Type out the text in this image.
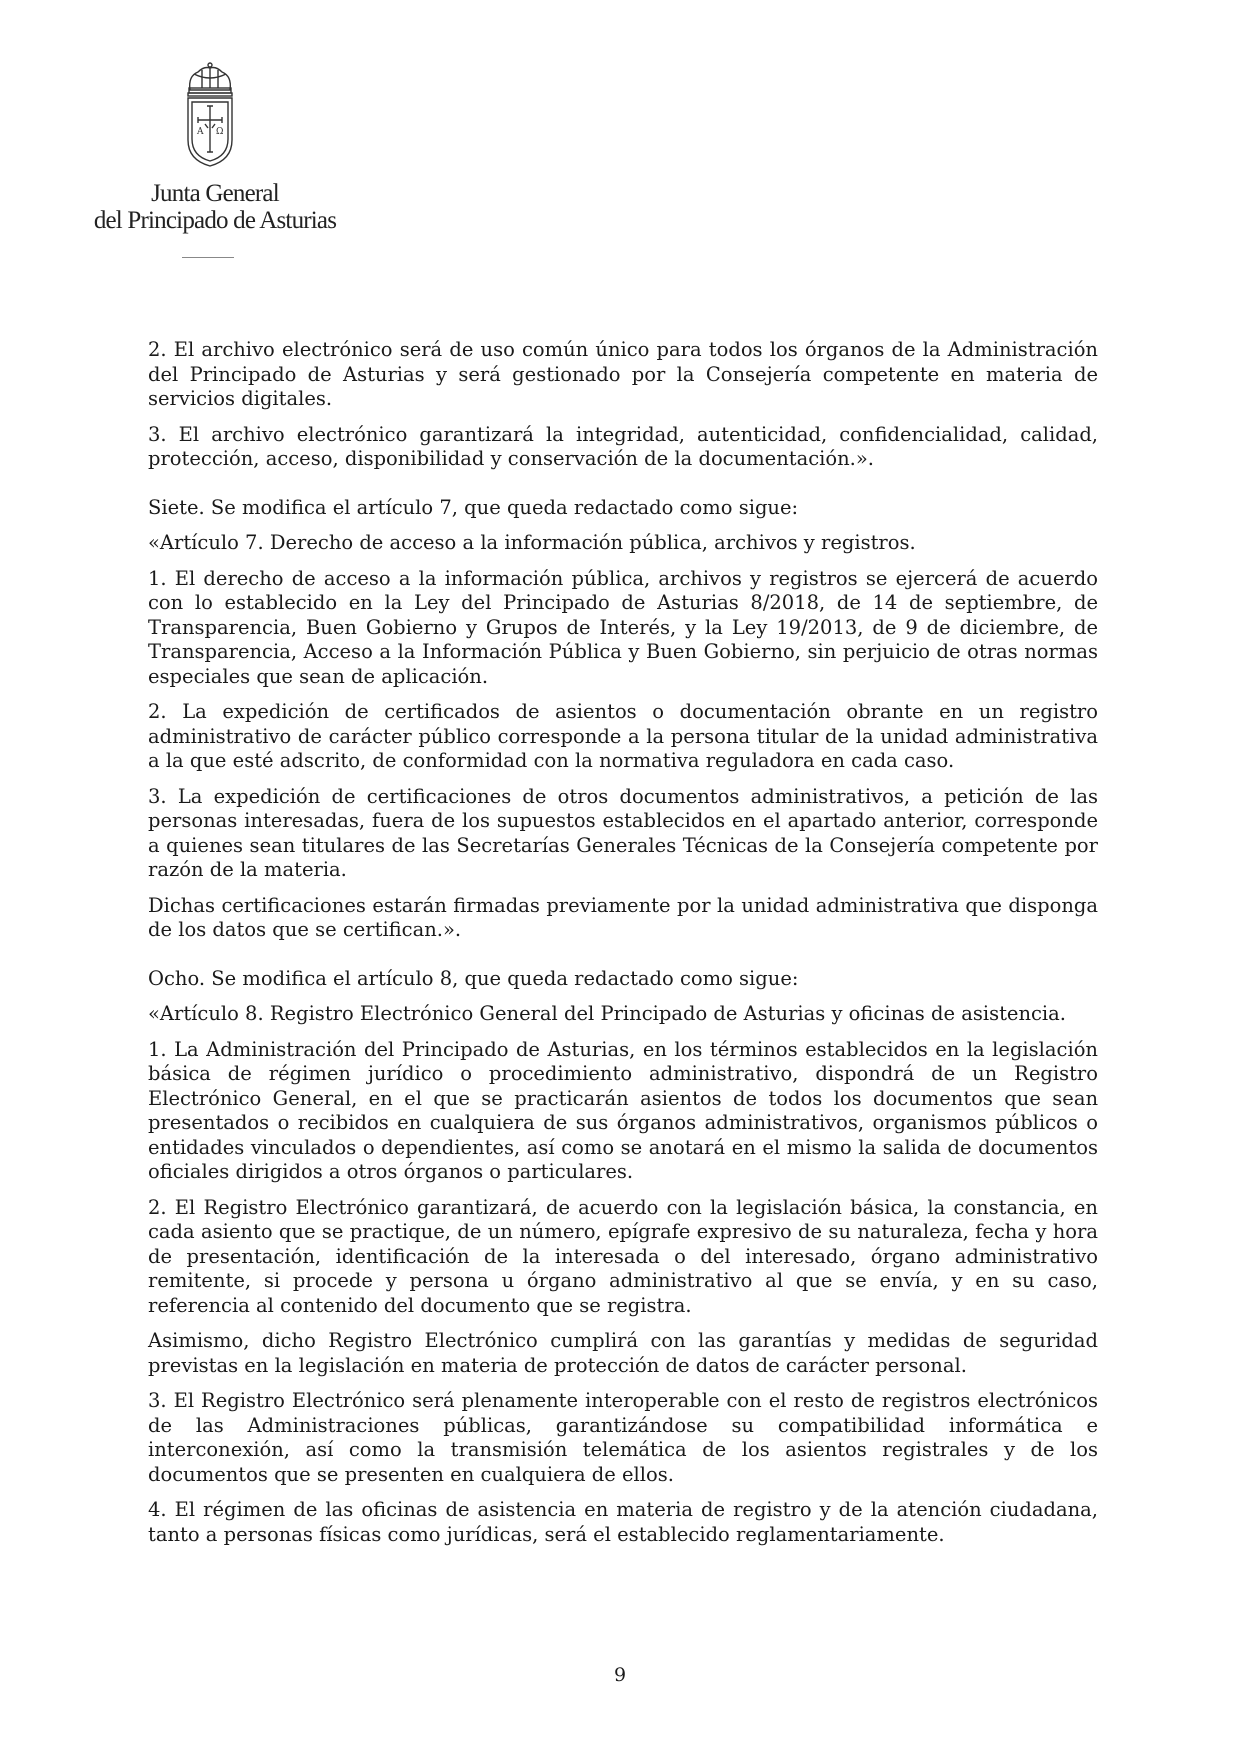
A Ω
Junta General
del Principado de Asturias

2. El archivo electrónico será de uso común único para todos los órganos de la Administración del Principado de Asturias y será gestionado por la Consejería competente en materia de servicios digitales.

3. El archivo electrónico garantizará la integridad, autenticidad, confidencialidad, calidad, protección, acceso, disponibilidad y conservación de la documentación.».

Siete. Se modifica el artículo 7, que queda redactado como sigue:

«Artículo 7. Derecho de acceso a la información pública, archivos y registros.

1. El derecho de acceso a la información pública, archivos y registros se ejercerá de acuerdo con lo establecido en la Ley del Principado de Asturias 8/2018, de 14 de septiembre, de Transparencia, Buen Gobierno y Grupos de Interés, y la Ley 19/2013, de 9 de diciembre, de Transparencia, Acceso a la Información Pública y Buen Gobierno, sin perjuicio de otras normas especiales que sean de aplicación.

2. La expedición de certificados de asientos o documentación obrante en un registro administrativo de carácter público corresponde a la persona titular de la unidad administrativa a la que esté adscrito, de conformidad con la normativa reguladora en cada caso.

3. La expedición de certificaciones de otros documentos administrativos, a petición de las personas interesadas, fuera de los supuestos establecidos en el apartado anterior, corresponde a quienes sean titulares de las Secretarías Generales Técnicas de la Consejería competente por razón de la materia.

Dichas certificaciones estarán firmadas previamente por la unidad administrativa que disponga de los datos que se certifican.».

Ocho. Se modifica el artículo 8, que queda redactado como sigue:

«Artículo 8. Registro Electrónico General del Principado de Asturias y oficinas de asistencia.

1. La Administración del Principado de Asturias, en los términos establecidos en la legislación básica de régimen jurídico o procedimiento administrativo, dispondrá de un Registro Electrónico General, en el que se practicarán asientos de todos los documentos que sean presentados o recibidos en cualquiera de sus órganos administrativos, organismos públicos o entidades vinculados o dependientes, así como se anotará en el mismo la salida de documentos oficiales dirigidos a otros órganos o particulares.

2. El Registro Electrónico garantizará, de acuerdo con la legislación básica, la constancia, en cada asiento que se practique, de un número, epígrafe expresivo de su naturaleza, fecha y hora de presentación, identificación de la interesada o del interesado, órgano administrativo remitente, si procede y persona u órgano administrativo al que se envía, y en su caso, referencia al contenido del documento que se registra.

Asimismo, dicho Registro Electrónico cumplirá con las garantías y medidas de seguridad previstas en la legislación en materia de protección de datos de carácter personal.

3. El Registro Electrónico será plenamente interoperable con el resto de registros electrónicos de las Administraciones públicas, garantizándose su compatibilidad informática e interconexión, así como la transmisión telemática de los asientos registrales y de los documentos que se presenten en cualquiera de ellos.

4. El régimen de las oficinas de asistencia en materia de registro y de la atención ciudadana, tanto a personas físicas como jurídicas, será el establecido reglamentariamente.

9
